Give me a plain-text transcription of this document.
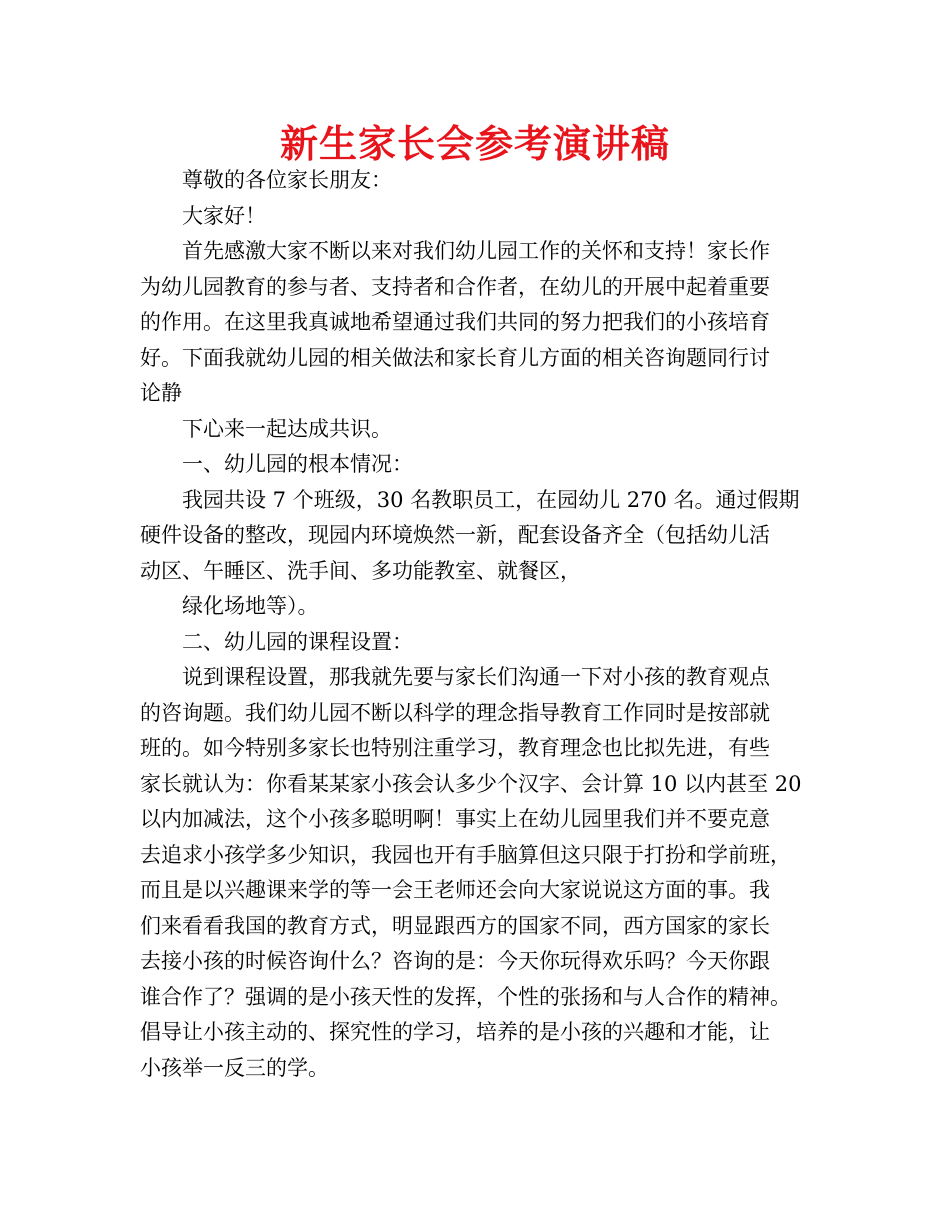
新生家长会参考演讲稿
尊敬的各位家长朋友：
大家好！
首先感激大家不断以来对我们幼儿园工作的关怀和支持！家长作
为幼儿园教育的参与者、支持者和合作者，在幼儿的开展中起着重要
的作用。在这里我真诚地希望通过我们共同的努力把我们的小孩培育
好。下面我就幼儿园的相关做法和家长育儿方面的相关咨询题同行讨
论静
下心来一起达成共识。
一、幼儿园的根本情况：
我园共设 7 个班级，30 名教职员工，在园幼儿 270 名。通过假期
硬件设备的整改，现园内环境焕然一新，配套设备齐全（包括幼儿活
动区、午睡区、洗手间、多功能教室、就餐区，
绿化场地等）。
二、幼儿园的课程设置：
说到课程设置，那我就先要与家长们沟通一下对小孩的教育观点
的咨询题。我们幼儿园不断以科学的理念指导教育工作同时是按部就
班的。如今特别多家长也特别注重学习，教育理念也比拟先进，有些
家长就认为：你看某某家小孩会认多少个汉字、会计算 10 以内甚至 20
以内加减法，这个小孩多聪明啊！事实上在幼儿园里我们并不要克意
去追求小孩学多少知识，我园也开有手脑算但这只限于打扮和学前班，
而且是以兴趣课来学的等一会王老师还会向大家说说这方面的事。我
们来看看我国的教育方式，明显跟西方的国家不同，西方国家的家长
去接小孩的时候咨询什么？咨询的是：今天你玩得欢乐吗？今天你跟
谁合作了？强调的是小孩天性的发挥，个性的张扬和与人合作的精神。
倡导让小孩主动的、探究性的学习，培养的是小孩的兴趣和才能，让
小孩举一反三的学。
